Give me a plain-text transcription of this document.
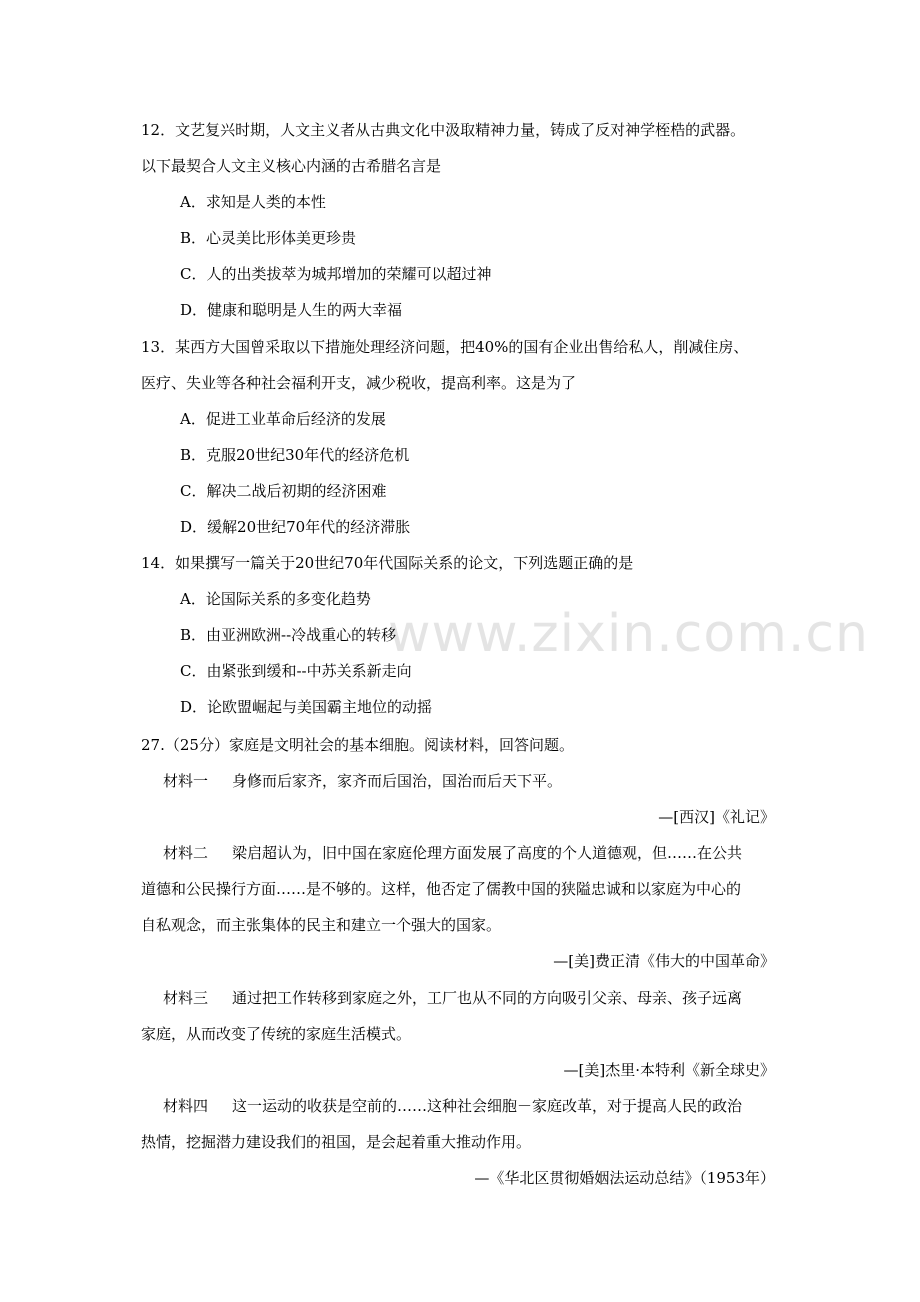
www.zixin.com.cn
12．文艺复兴时期，人文主义者从古典文化中汲取精神力量，铸成了反对神学桎梏的武器。
以下最契合人文主义核心内涵的古希腊名言是
A．求知是人类的本性
B．心灵美比形体美更珍贵
C．人的出类拔萃为城邦增加的荣耀可以超过神
D．健康和聪明是人生的两大幸福
13．某西方大国曾采取以下措施处理经济问题，把40%的国有企业出售给私人，削减住房、
医疗、失业等各种社会福利开支，减少税收，提高利率。这是为了
A．促进工业革命后经济的发展
B．克服20世纪30年代的经济危机
C．解决二战后初期的经济困难
D．缓解20世纪70年代的经济滞胀
14．如果撰写一篇关于20世纪70年代国际关系的论文，下列选题正确的是
A．论国际关系的多变化趋势
B．由亚洲欧洲--冷战重心的转移
C．由紧张到缓和--中苏关系新走向
D．论欧盟崛起与美国霸主地位的动摇
27.（25分）家庭是文明社会的基本细胞。阅读材料，回答问题。
材料一 身修而后家齐，家齐而后国治，国治而后天下平。
—[西汉]《礼记》
材料二 梁启超认为，旧中国在家庭伦理方面发展了高度的个人道德观，但……在公共
道德和公民操行方面……是不够的。这样，他否定了儒教中国的狭隘忠诚和以家庭为中心的
自私观念，而主张集体的民主和建立一个强大的国家。
—[美]费正清《伟大的中国革命》
材料三 通过把工作转移到家庭之外，工厂也从不同的方向吸引父亲、母亲、孩子远离
家庭，从而改变了传统的家庭生活模式。
—[美]杰里·本特利《新全球史》
材料四 这一运动的收获是空前的……这种社会细胞－家庭改革，对于提高人民的政治
热情，挖掘潜力建设我们的祖国，是会起着重大推动作用。
—《华北区贯彻婚姻法运动总结》（1953年）
